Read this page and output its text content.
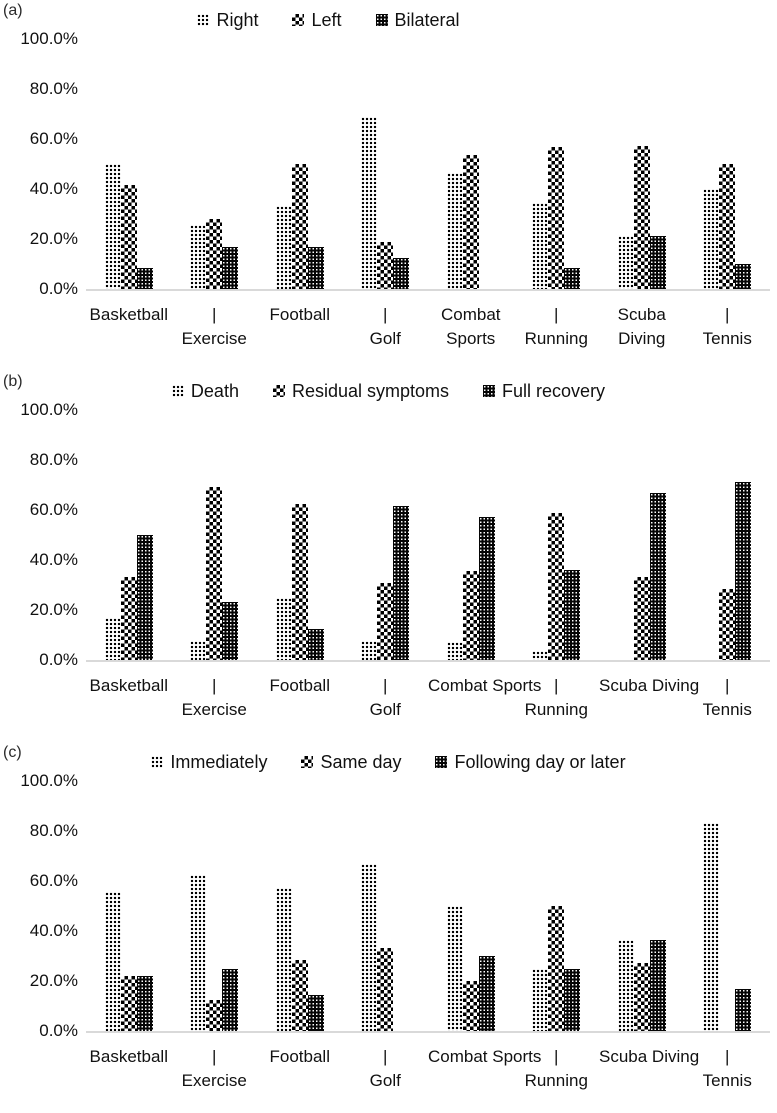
(a)	Right	Left	Bilateral
100.0%
80.0%
60.0%
40.0%
20.0%
0.0%
Basketball	|
Exercise
Football	|
Golf
Combat
Sports
|
Running
Scuba
Diving
|
Tennis
(b)	Death	Residual symptoms	Full recovery
100.0%
80.0%
60.0%
40.0%
20.0%
0.0%
Basketball	|
Exercise
Football	|
Golf
Combat Sports |
Running
Scuba Diving	|
Tennis
(c)	Immediately	Same day	Following day or later
100.0%
80.0%
60.0%
40.0%
20.0%
0.0%
Basketball	|
Exercise
Football	|
Golf
Combat Sports |
Running
Scuba Diving	|
Tennis
